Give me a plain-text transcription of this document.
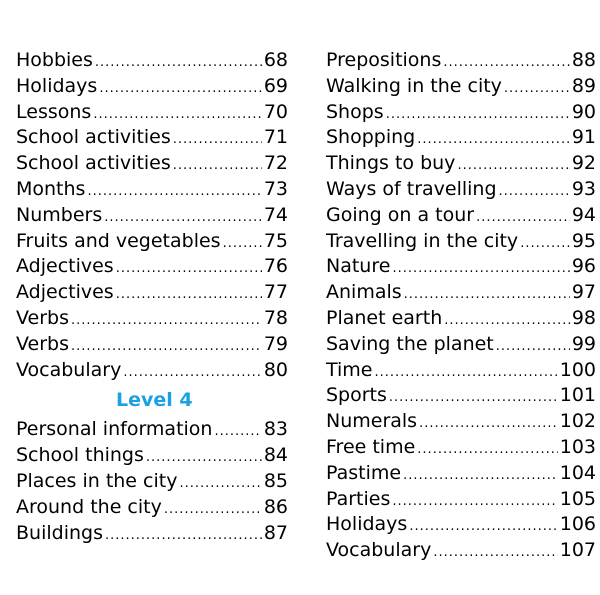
Hobbies .....	68
Holidays .....	69
Lessons .....	70
School activities .....	71
School activities .....	72
Months .....	73
Numbers .....	74
Fruits and vegetables ..... 75
Adjectives .....	76
Adjectives .....	77
Verbs .....	78
Verbs .....	79
Vocabulary .....	80
Level 4
Personal information .....	83
School things .....	84
Places in the city .....	85
Around the city .....	86
Buildings .....	87
Prepositions .....	88
Walking in the city .....	89
Shops .....	90
Shopping .....	91
Things to buy .....	92
Ways of travelling .....	93
Going on a tour .....	94
Travelling in the city .....	95
Nature .....	96
Animals .....	97
Planet earth .....	98
Saving the planet .....	99
Time .....	100
Sports .....	101
Numerals .....	102
Free time .....	103
Pastime .....	104
Parties .....	105
Holidays .....	106
Vocabulary .....	107
